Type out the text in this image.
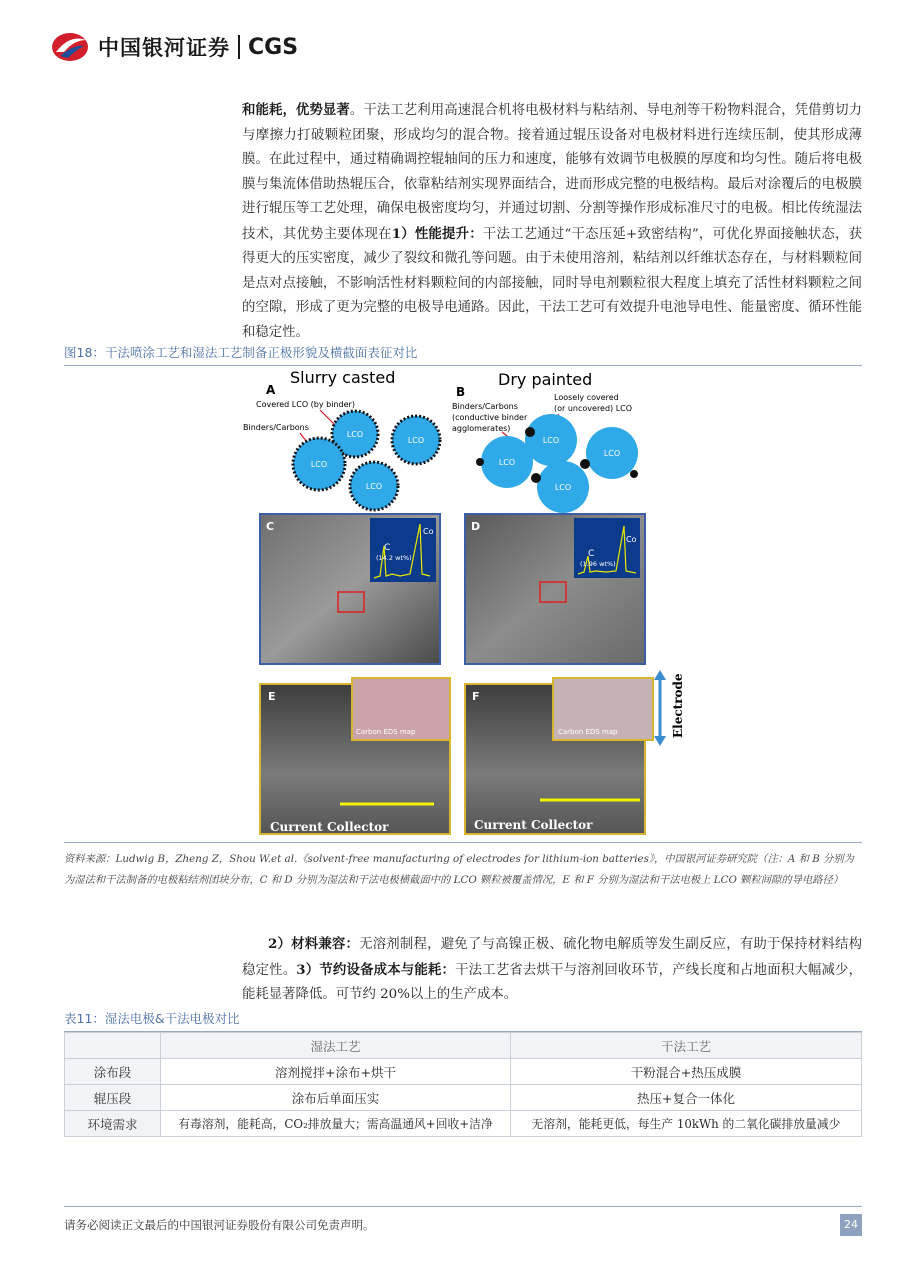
中国银河证券 CGS
和能耗，优势显著。干法工艺利用高速混合机将电极材料与粘结剂、导电剂等干粉物料混合，凭借剪切力与摩擦力打破颗粒团聚，形成均匀的混合物。接着通过辊压设备对电极材料进行连续压制，使其形成薄膜。在此过程中，通过精确调控辊轴间的压力和速度，能够有效调节电极膜的厚度和均匀性。随后将电极膜与集流体借助热辊压合，依靠粘结剂实现界面结合，进而形成完整的电极结构。最后对涂覆后的电极膜进行辊压等工艺处理，确保电极密度均匀，并通过切割、分割等操作形成标准尺寸的电极。相比传统湿法技术，其优势主要体现在1）性能提升：干法工艺通过“干态压延+致密结构”，可优化界面接触状态，获得更大的压实密度，减少了裂纹和微孔等问题。由于未使用溶剂，粘结剂以纤维状态存在，与材料颗粒间是点对点接触，不影响活性材料颗粒间的内部接触，同时导电剂颗粒很大程度上填充了活性材料颗粒之间的空隙，形成了更为完整的电极导电通路。因此，干法工艺可有效提升电池导电性、能量密度、循环性能和稳定性。
图18：干法喷涂工艺和湿法工艺制备正极形貌及横截面表征对比
A
Slurry casted
Covered LCO (by binder)
Binders/Carbons
LCO
LCO
LCO
LCO
B
Dry painted
Binders/Carbons
(conductive binder
agglomerates)
Loosely covered
(or uncovered) LCO
LCO
LCO
LCO
LCO
C
C
Co
(14.2 wt%)
D
C
Co
(1.96 wt%)
E
Carbon EDS map
Current Collector
F
Carbon EDS map
Current Collector
Electrode
资料来源：Ludwig B，Zheng Z，Shou W.et al.《solvent-free manufacturing of electrodes for lithium-ion batteries》，中国银河证券研究院（注：A 和 B 分别为为湿法和干法制备的电极粘结剂团块分布，C 和 D 分别为湿法和干法电极横截面中的 LCO 颗粒被覆盖情况，E 和 F 分别为湿法和干法电极上 LCO 颗粒间隙的导电路径）
2）材料兼容：无溶剂制程，避免了与高镍正极、硫化物电解质等发生副反应，有助于保持材料结构稳定性。3）节约设备成本与能耗：干法工艺省去烘干与溶剂回收环节，产线长度和占地面积大幅减少，能耗显著降低。可节约 20%以上的生产成本。
表11：湿法电极&干法电极对比
	湿法工艺	干法工艺
涂布段	溶剂搅拌+涂布+烘干	干粉混合+热压成膜
辊压段	涂布后单面压实	热压+复合一体化
环境需求	有毒溶剂，能耗高，CO₂排放量大；需高温通风+回收+洁净	无溶剂，能耗更低，每生产 10kWh 的二氧化碳排放量减少
请务必阅读正文最后的中国银河证券股份有限公司免责声明。	24
